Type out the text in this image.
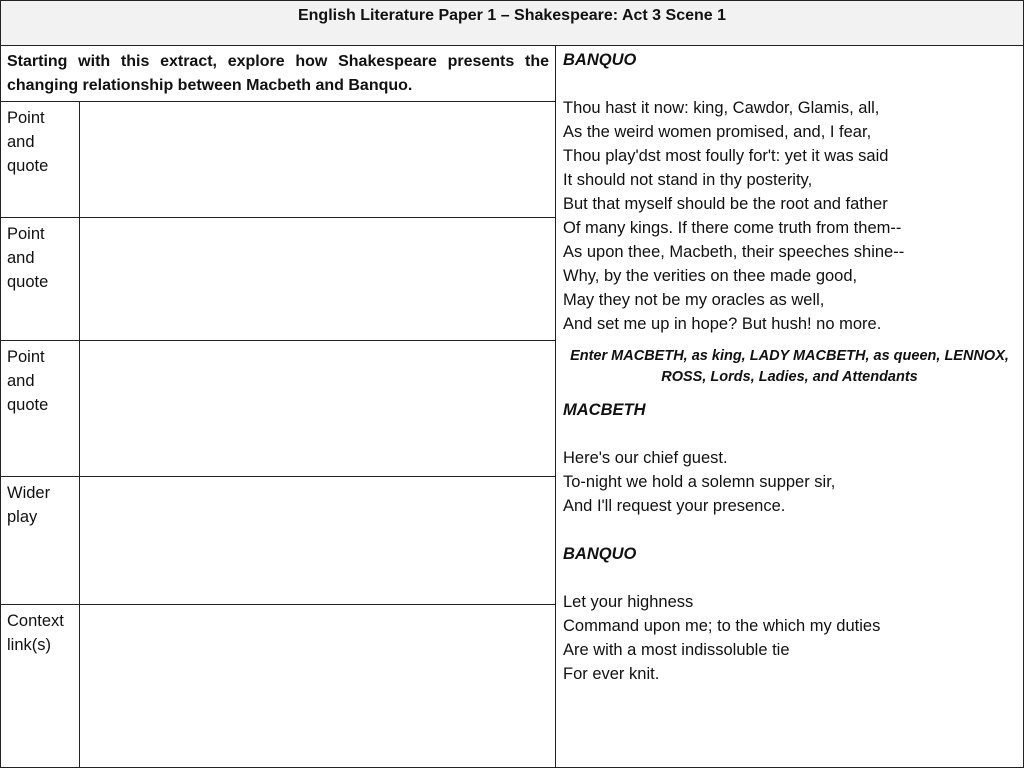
English Literature Paper 1 – Shakespeare: Act 3 Scene 1
Starting with this extract, explore how Shakespeare presents the changing relationship between Macbeth and Banquo.
Point and quote
Point and quote
Point and quote
Wider play
Context link(s)
BANQUO
Thou hast it now: king, Cawdor, Glamis, all,
As the weird women promised, and, I fear,
Thou play'dst most foully for't: yet it was said
It should not stand in thy posterity,
But that myself should be the root and father
Of many kings. If there come truth from them--
As upon thee, Macbeth, their speeches shine--
Why, by the verities on thee made good,
May they not be my oracles as well,
And set me up in hope? But hush! no more.
Enter MACBETH, as king, LADY MACBETH, as queen, LENNOX, ROSS, Lords, Ladies, and Attendants
MACBETH
Here's our chief guest.
To-night we hold a solemn supper sir,
And I'll request your presence.
BANQUO
Let your highness
Command upon me; to the which my duties
Are with a most indissoluble tie
For ever knit.
